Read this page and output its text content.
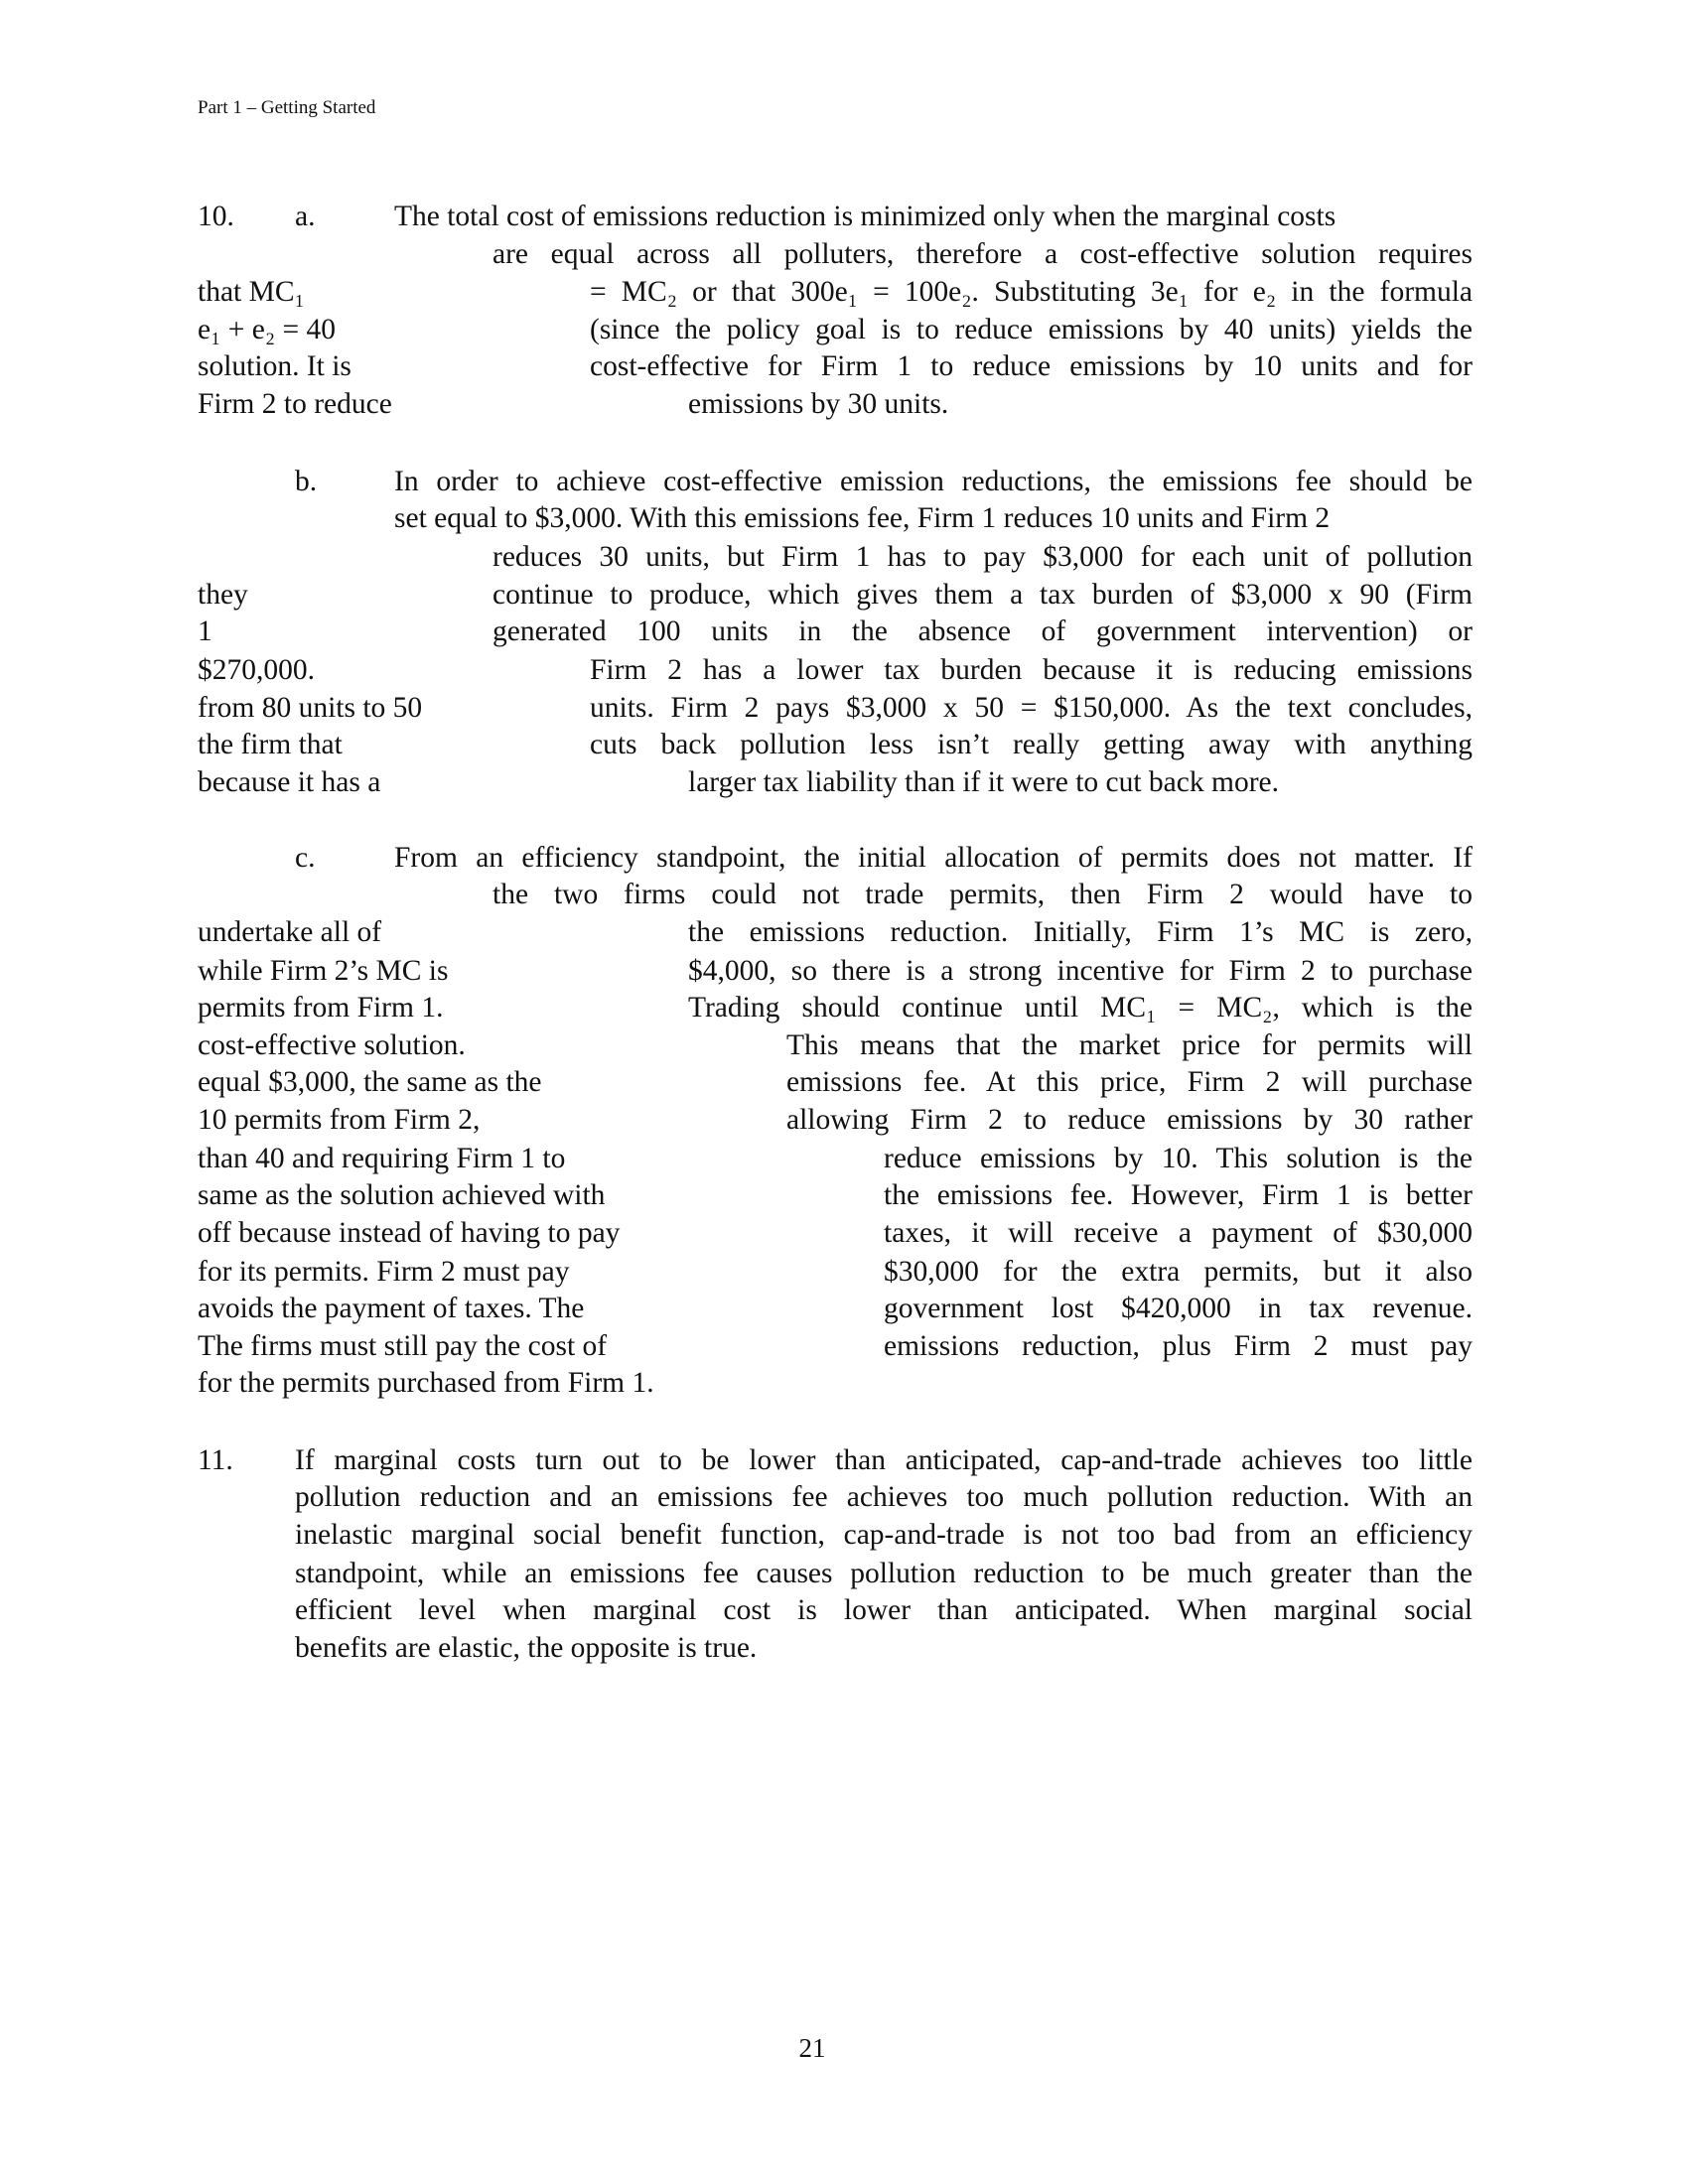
Part 1 – Getting Started
10. a.
b.
c.
The total cost of emissions reduction is minimized only when the marginal costs
are equal across all polluters, therefore a cost-effective solution requires
that MC₁	= MC₂ or that 300e₁ = 100e₂. Substituting 3e₁ for e₂ in the formula
e₁ + e₂ = 40	(since the policy goal is to reduce emissions by 40 units) yields the
solution. It is	cost-effective for Firm 1 to reduce emissions by 10 units and for
Firm 2 to reduce	emissions by 30 units.
In order to achieve cost-effective emission reductions, the emissions fee should be
set equal to $3,000. With this emissions fee, Firm 1 reduces 10 units and Firm 2
reduces 30 units, but Firm 1 has to pay $3,000 for each unit of pollution
they	continue to produce, which gives them a tax burden of $3,000 x 90 (Firm
1	generated 100 units in the absence of government intervention) or
$270,000.	Firm 2 has a lower tax burden because it is reducing emissions
from 80 units to 50	units. Firm 2 pays $3,000 x 50 = $150,000. As the text concludes,
the firm that	cuts back pollution less isn’t really getting away with anything
because it has a	larger tax liability than if it were to cut back more.
From an efficiency standpoint, the initial allocation of permits does not matter. If
the two firms could not trade permits, then Firm 2 would have to
undertake all of	the emissions reduction. Initially, Firm 1’s MC is zero,
while Firm 2’s MC is	$4,000, so there is a strong incentive for Firm 2 to purchase
permits from Firm 1.	Trading should continue until MC₁ = MC₂, which is the
cost-effective solution.	This means that the market price for permits will
equal $3,000, the same as the	emissions fee. At this price, Firm 2 will purchase
10 permits from Firm 2,	allowing Firm 2 to reduce emissions by 30 rather
than 40 and requiring Firm 1 to	reduce emissions by 10. This solution is the
same as the solution achieved with	the emissions fee. However, Firm 1 is better
off because instead of having to pay	taxes, it will receive a payment of $30,000
for its permits. Firm 2 must pay	$30,000 for the extra permits, but it also
avoids the payment of taxes. The	government lost $420,000 in tax revenue.
The firms must still pay the cost of	emissions reduction, plus Firm 2 must pay
for the permits purchased from Firm 1.
11. If marginal costs turn out to be lower than anticipated, cap-and-trade achieves too little
pollution reduction and an emissions fee achieves too much pollution reduction. With an
inelastic marginal social benefit function, cap-and-trade is not too bad from an efficiency
standpoint, while an emissions fee causes pollution reduction to be much greater than the
efficient level when marginal cost is lower than anticipated. When marginal social
benefits are elastic, the opposite is true.
21
